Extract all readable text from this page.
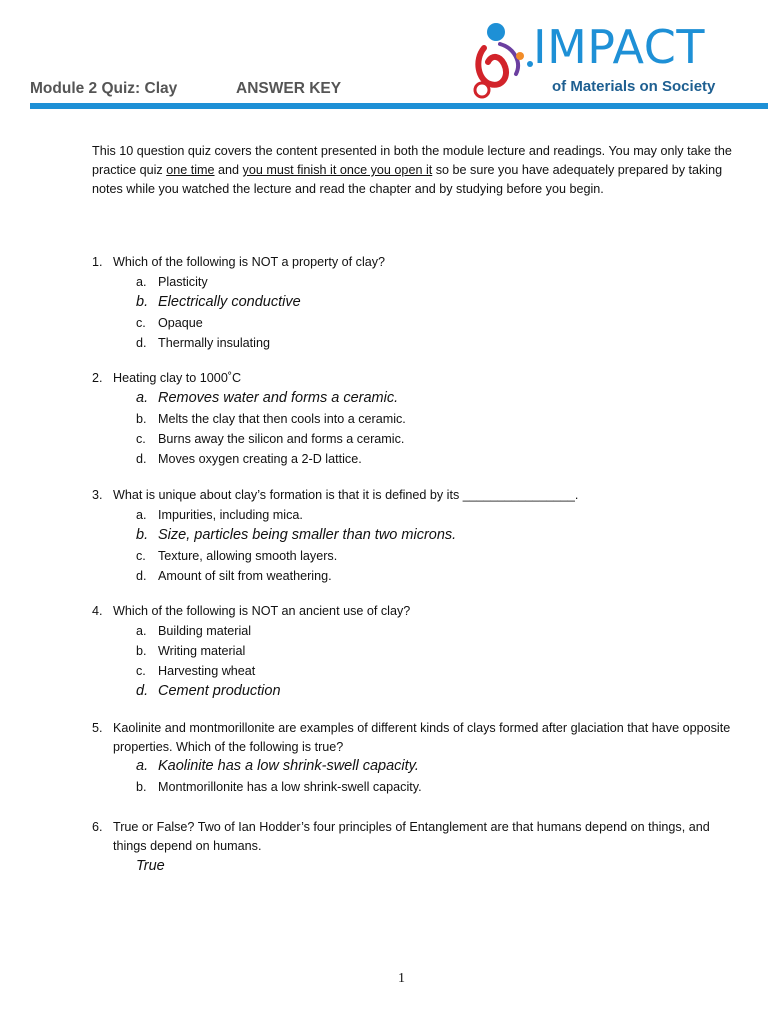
Module 2 Quiz: Clay	ANSWER KEY
IMPACT
of Materials on Society
This 10 question quiz covers the content presented in both the module lecture and readings. You may only take the practice quiz one time and you must finish it once you open it so be sure you have adequately prepared by taking notes while you watched the lecture and read the chapter and by studying before you begin.
1. Which of the following is NOT a property of clay?
a. Plasticity
b. Electrically conductive
c. Opaque
d. Thermally insulating
2. Heating clay to 1000˚C
a. Removes water and forms a ceramic.
b. Melts the clay that then cools into a ceramic.
c. Burns away the silicon and forms a ceramic.
d. Moves oxygen creating a 2-D lattice.
3. What is unique about clay’s formation is that it is defined by its ________________.
a. Impurities, including mica.
b. Size, particles being smaller than two microns.
c. Texture, allowing smooth layers.
d. Amount of silt from weathering.
4. Which of the following is NOT an ancient use of clay?
a. Building material
b. Writing material
c. Harvesting wheat
d. Cement production
5. Kaolinite and montmorillonite are examples of different kinds of clays formed after glaciation that have opposite properties. Which of the following is true?
a. Kaolinite has a low shrink-swell capacity.
b. Montmorillonite has a low shrink-swell capacity.
6. True or False? Two of Ian Hodder’s four principles of Entanglement are that humans depend on things, and things depend on humans.
True
1
